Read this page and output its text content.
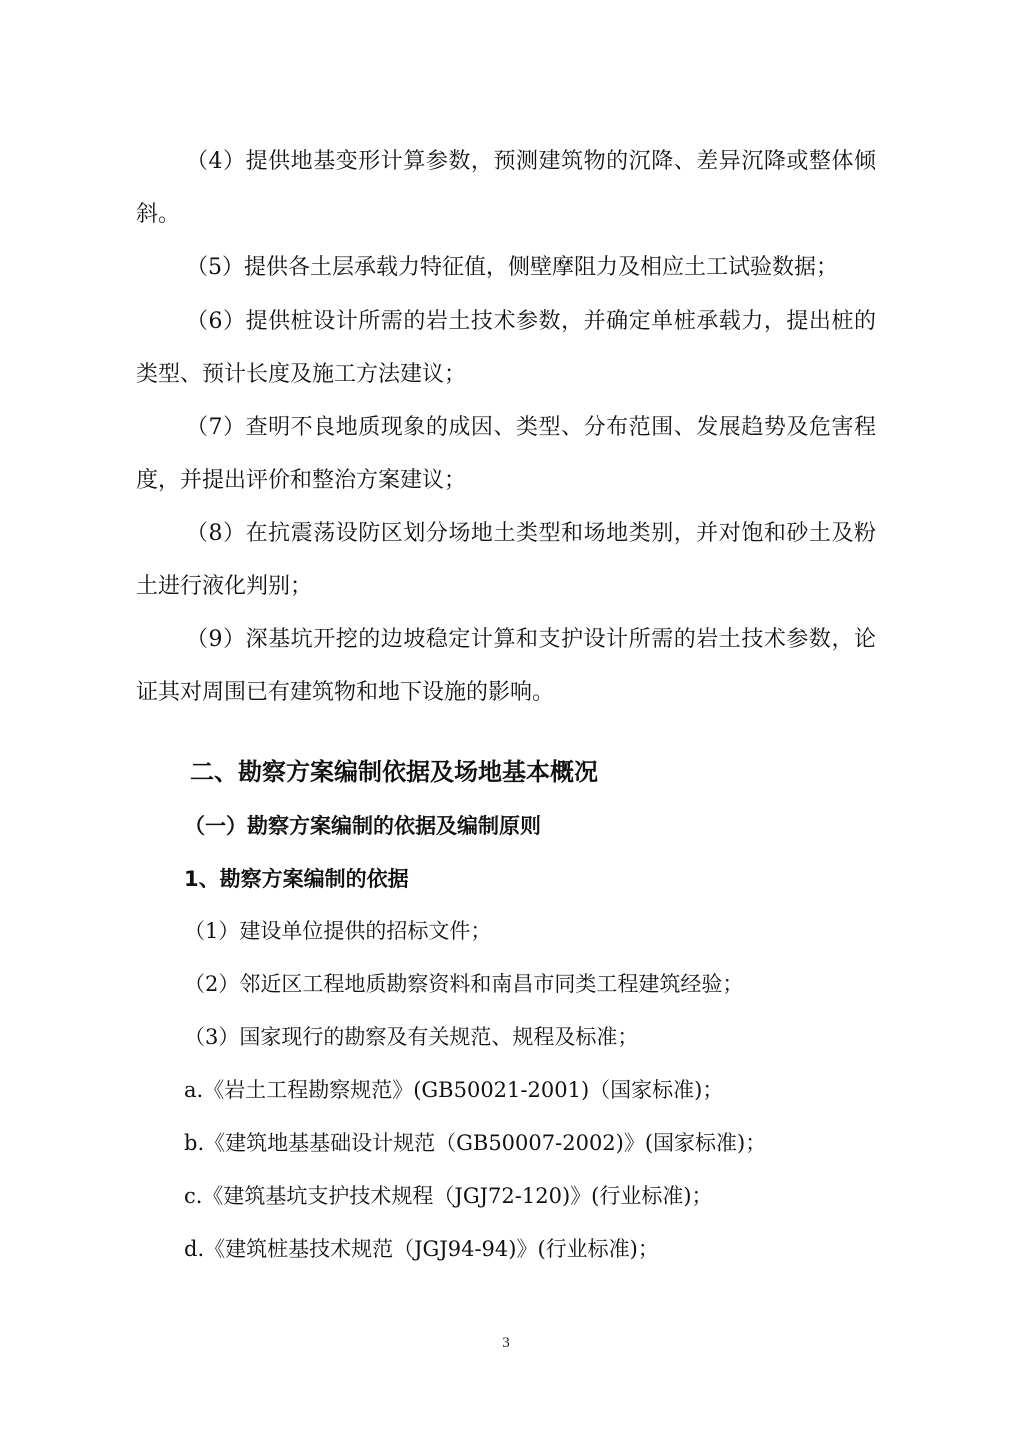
（4）提供地基变形计算参数，预测建筑物的沉降、差异沉降或整体倾斜。

（5）提供各土层承载力特征值，侧壁摩阻力及相应土工试验数据；

（6）提供桩设计所需的岩土技术参数，并确定单桩承载力，提出桩的类型、预计长度及施工方法建议；

（7）查明不良地质现象的成因、类型、分布范围、发展趋势及危害程度，并提出评价和整治方案建议；

（8）在抗震荡设防区划分场地土类型和场地类别，并对饱和砂土及粉土进行液化判别；

（9）深基坑开挖的边坡稳定计算和支护设计所需的岩土技术参数，论证其对周围已有建筑物和地下设施的影响。

二、勘察方案编制依据及场地基本概况
（一）勘察方案编制的依据及编制原则
1、勘察方案编制的依据

（1）建设单位提供的招标文件；

（2）邻近区工程地质勘察资料和南昌市同类工程建筑经验；

（3）国家现行的勘察及有关规范、规程及标准；

a.《岩土工程勘察规范》(GB50021-2001)（国家标准)；

b.《建筑地基基础设计规范（GB50007-2002)》(国家标准)；

c.《建筑基坑支护技术规程（JGJ72-120)》(行业标准)；

d.《建筑桩基技术规范（JGJ94-94)》(行业标准)；

3
